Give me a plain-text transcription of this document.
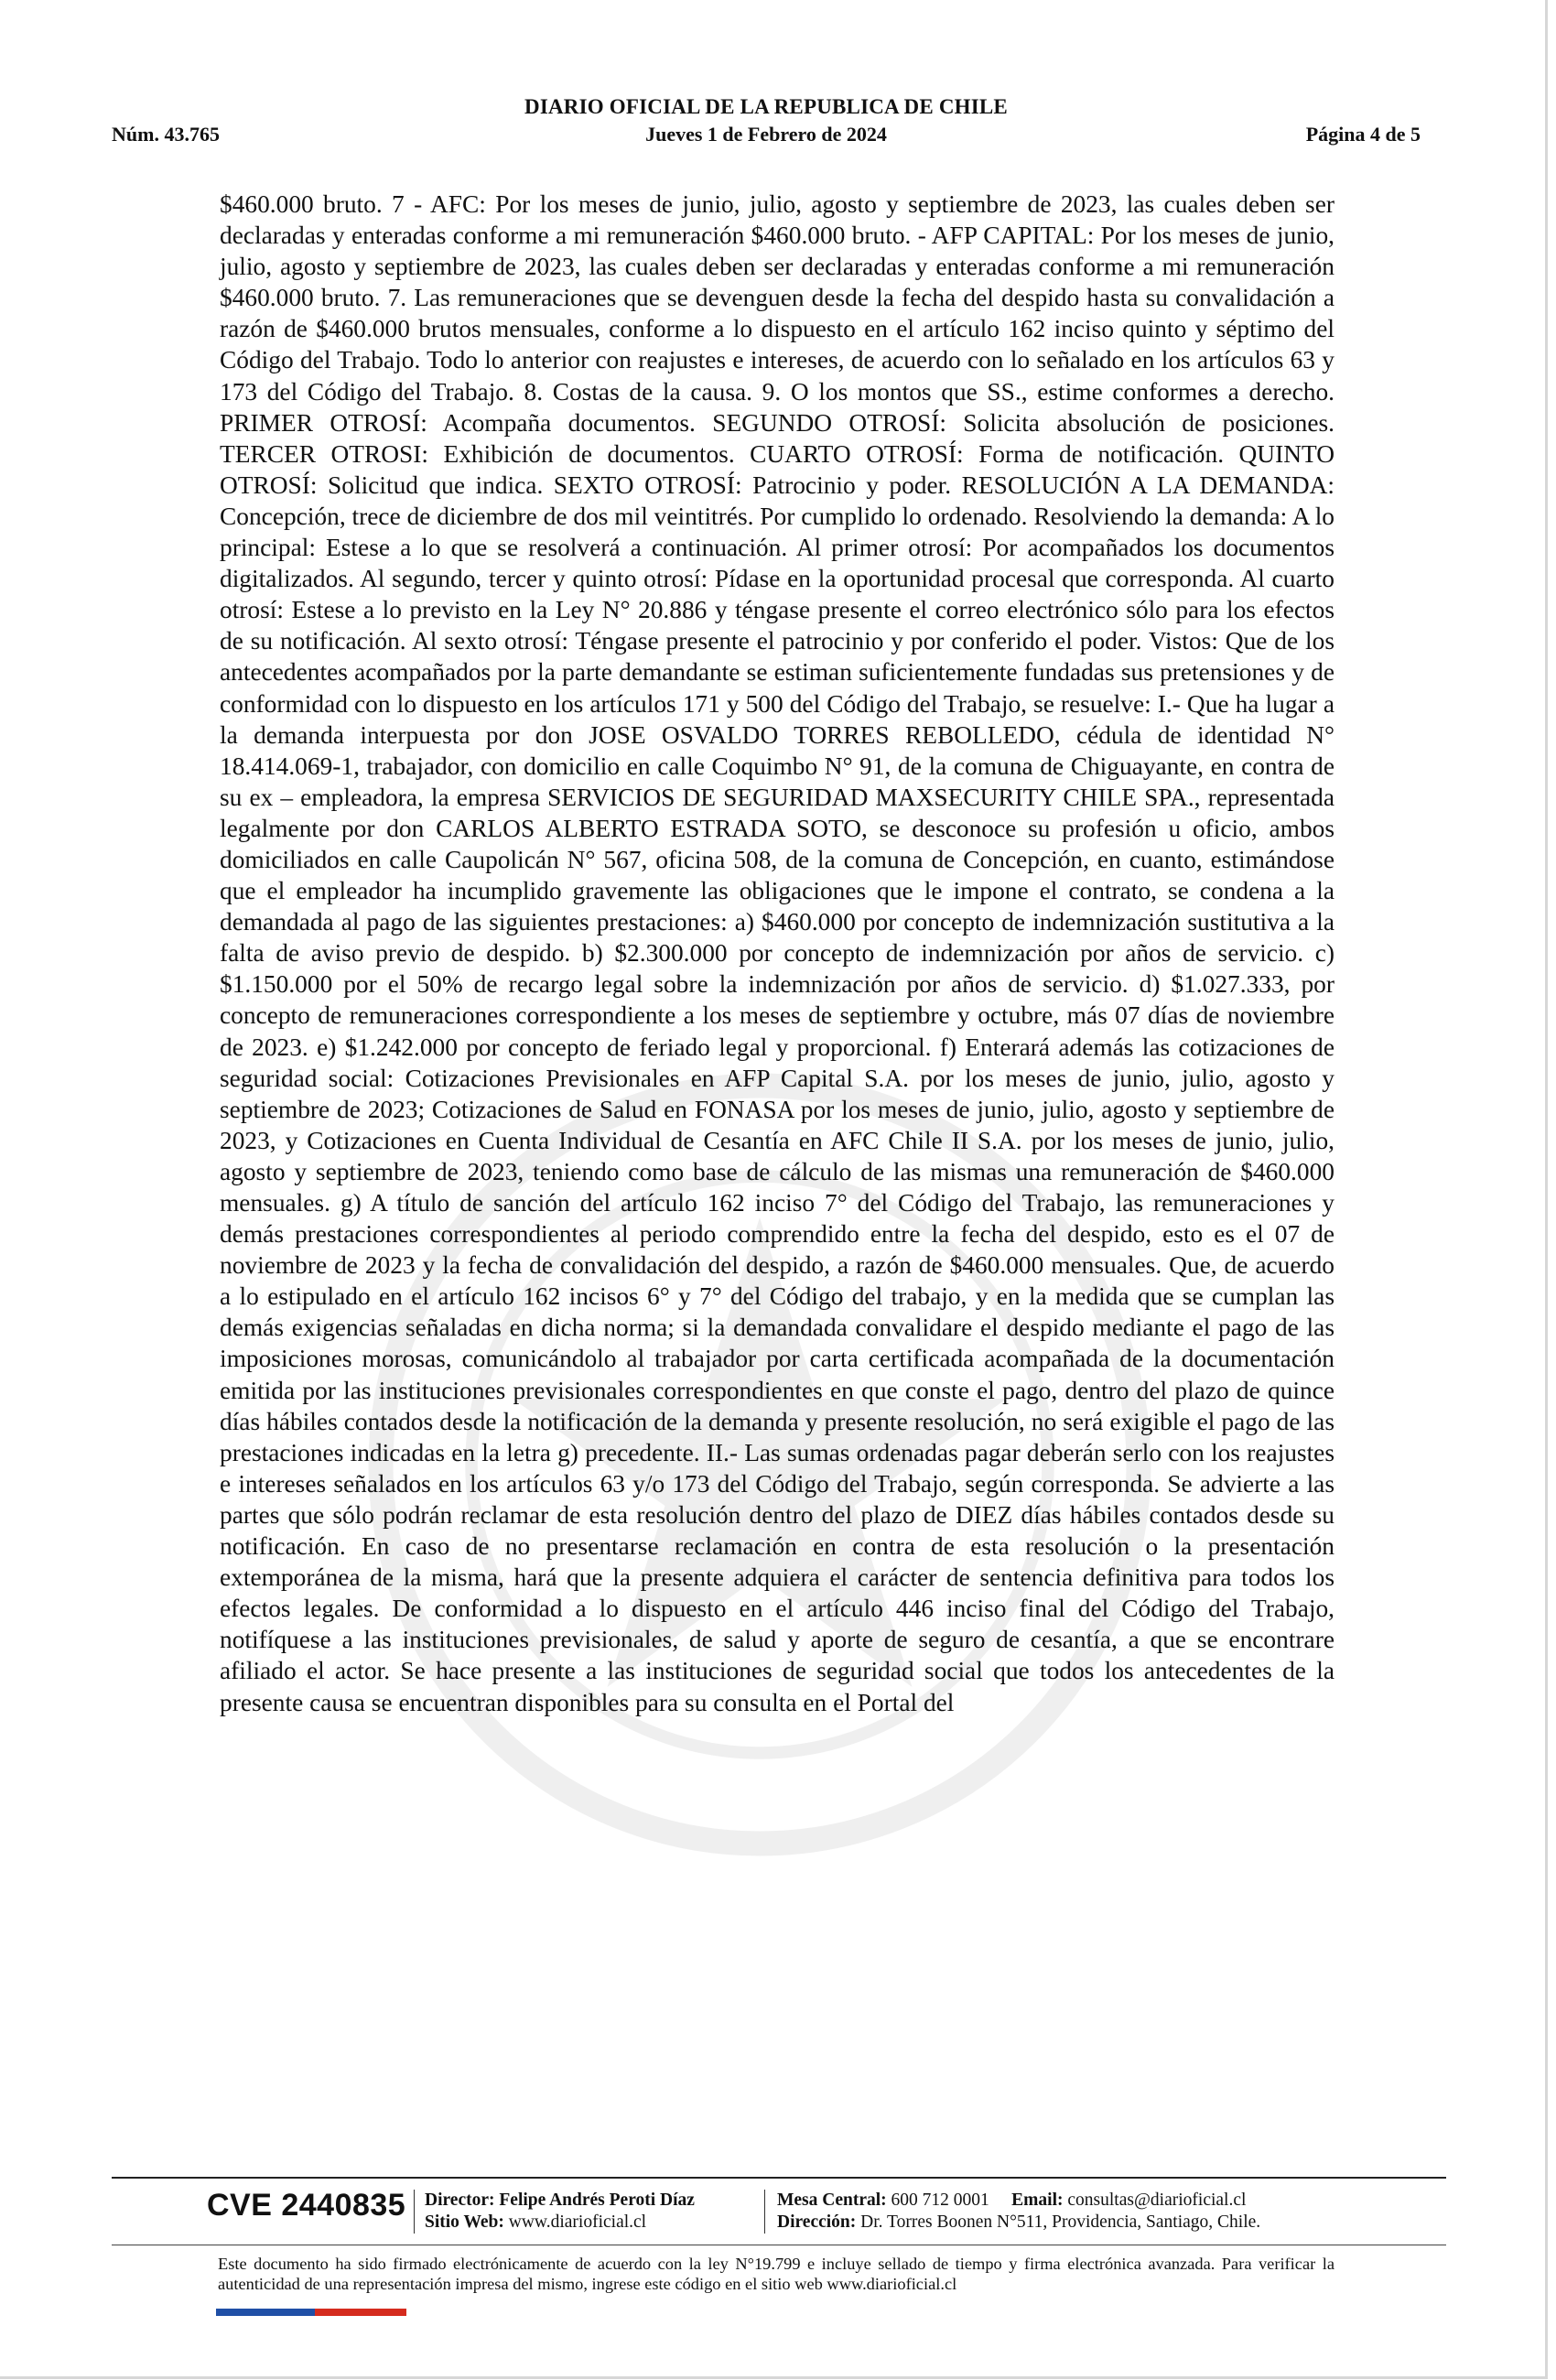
Núm. 43.765
DIARIO OFICIAL DE LA REPUBLICA DE CHILE
Jueves 1 de Febrero de 2024	Página 4 de 5

$460.000 bruto. 7 - AFC: Por los meses de junio, julio, agosto y septiembre de 2023, las cuales deben ser declaradas y enteradas conforme a mi remuneración $460.000 bruto. - AFP CAPITAL: Por los meses de junio, julio, agosto y septiembre de 2023, las cuales deben ser declaradas y enteradas conforme a mi remuneración $460.000 bruto. 7. Las remuneraciones que se devenguen desde la fecha del despido hasta su convalidación a razón de $460.000 brutos mensuales, conforme a lo dispuesto en el artículo 162 inciso quinto y séptimo del Código del Trabajo. Todo lo anterior con reajustes e intereses, de acuerdo con lo señalado en los artículos 63 y 173 del Código del Trabajo. 8. Costas de la causa. 9. O los montos que SS., estime conformes a derecho. PRIMER OTROSÍ: Acompaña documentos. SEGUNDO OTROSÍ: Solicita absolución de posiciones. TERCER OTROSI: Exhibición de documentos. CUARTO OTROSÍ: Forma de notificación. QUINTO OTROSÍ: Solicitud que indica. SEXTO OTROSÍ: Patrocinio y poder. RESOLUCIÓN A LA DEMANDA: Concepción, trece de diciembre de dos mil veintitrés. Por cumplido lo ordenado. Resolviendo la demanda: A lo principal: Estese a lo que se resolverá a continuación. Al primer otrosí: Por acompañados los documentos digitalizados. Al segundo, tercer y quinto otrosí: Pídase en la oportunidad procesal que corresponda. Al cuarto otrosí: Estese a lo previsto en la Ley N° 20.886 y téngase presente el correo electrónico sólo para los efectos de su notificación. Al sexto otrosí: Téngase presente el patrocinio y por conferido el poder. Vistos: Que de los antecedentes acompañados por la parte demandante se estiman suficientemente fundadas sus pretensiones y de conformidad con lo dispuesto en los artículos 171 y 500 del Código del Trabajo, se resuelve: I.- Que ha lugar a la demanda interpuesta por don JOSE OSVALDO TORRES REBOLLEDO, cédula de identidad N° 18.414.069-1, trabajador, con domicilio en calle Coquimbo N° 91, de la comuna de Chiguayante, en contra de su ex – empleadora, la empresa SERVICIOS DE SEGURIDAD MAXSECURITY CHILE SPA., representada legalmente por don CARLOS ALBERTO ESTRADA SOTO, se desconoce su profesión u oficio, ambos domiciliados en calle Caupolicán N° 567, oficina 508, de la comuna de Concepción, en cuanto, estimándose que el empleador ha incumplido gravemente las obligaciones que le impone el contrato, se condena a la demandada al pago de las siguientes prestaciones: a) $460.000 por concepto de indemnización sustitutiva a la falta de aviso previo de despido. b) $2.300.000 por concepto de indemnización por años de servicio. c) $1.150.000 por el 50% de recargo legal sobre la indemnización por años de servicio. d) $1.027.333, por concepto de remuneraciones correspondiente a los meses de septiembre y octubre, más 07 días de noviembre de 2023. e) $1.242.000 por concepto de feriado legal y proporcional. f) Enterará además las cotizaciones de seguridad social: Cotizaciones Previsionales en AFP Capital S.A. por los meses de junio, julio, agosto y septiembre de 2023; Cotizaciones de Salud en FONASA por los meses de junio, julio, agosto y septiembre de 2023, y Cotizaciones en Cuenta Individual de Cesantía en AFC Chile II S.A. por los meses de junio, julio, agosto y septiembre de 2023, teniendo como base de cálculo de las mismas una remuneración de $460.000 mensuales. g) A título de sanción del artículo 162 inciso 7° del Código del Trabajo, las remuneraciones y demás prestaciones correspondientes al periodo comprendido entre la fecha del despido, esto es el 07 de noviembre de 2023 y la fecha de convalidación del despido, a razón de $460.000 mensuales. Que, de acuerdo a lo estipulado en el artículo 162 incisos 6° y 7° del Código del trabajo, y en la medida que se cumplan las demás exigencias señaladas en dicha norma; si la demandada convalidare el despido mediante el pago de las imposiciones morosas, comunicándolo al trabajador por carta certificada acompañada de la documentación emitida por las instituciones previsionales correspondientes en que conste el pago, dentro del plazo de quince días hábiles contados desde la notificación de la demanda y presente resolución, no será exigible el pago de las prestaciones indicadas en la letra g) precedente. II.- Las sumas ordenadas pagar deberán serlo con los reajustes e intereses señalados en los artículos 63 y/o 173 del Código del Trabajo, según corresponda. Se advierte a las partes que sólo podrán reclamar de esta resolución dentro del plazo de DIEZ días hábiles contados desde su notificación. En caso de no presentarse reclamación en contra de esta resolución o la presentación extemporánea de la misma, hará que la presente adquiera el carácter de sentencia definitiva para todos los efectos legales. De conformidad a lo dispuesto en el artículo 446 inciso final del Código del Trabajo, notifíquese a las instituciones previsionales, de salud y aporte de seguro de cesantía, a que se encontrare afiliado el actor. Se hace presente a las instituciones de seguridad social que todos los antecedentes de la presente causa se encuentran disponibles para su consulta en el Portal del

CVE 2440835 Director: Felipe Andrés Peroti Díaz
Sitio Web: www.diarioficial.cl
Mesa Central: 600 712 0001 Email: consultas@diarioficial.cl
Dirección: Dr. Torres Boonen N°511, Providencia, Santiago, Chile.
Este documento ha sido firmado electrónicamente de acuerdo con la ley N°19.799 e incluye sellado de tiempo y firma electrónica avanzada. Para verificar la autenticidad de una representación impresa del mismo, ingrese este código en el sitio web www.diarioficial.cl
